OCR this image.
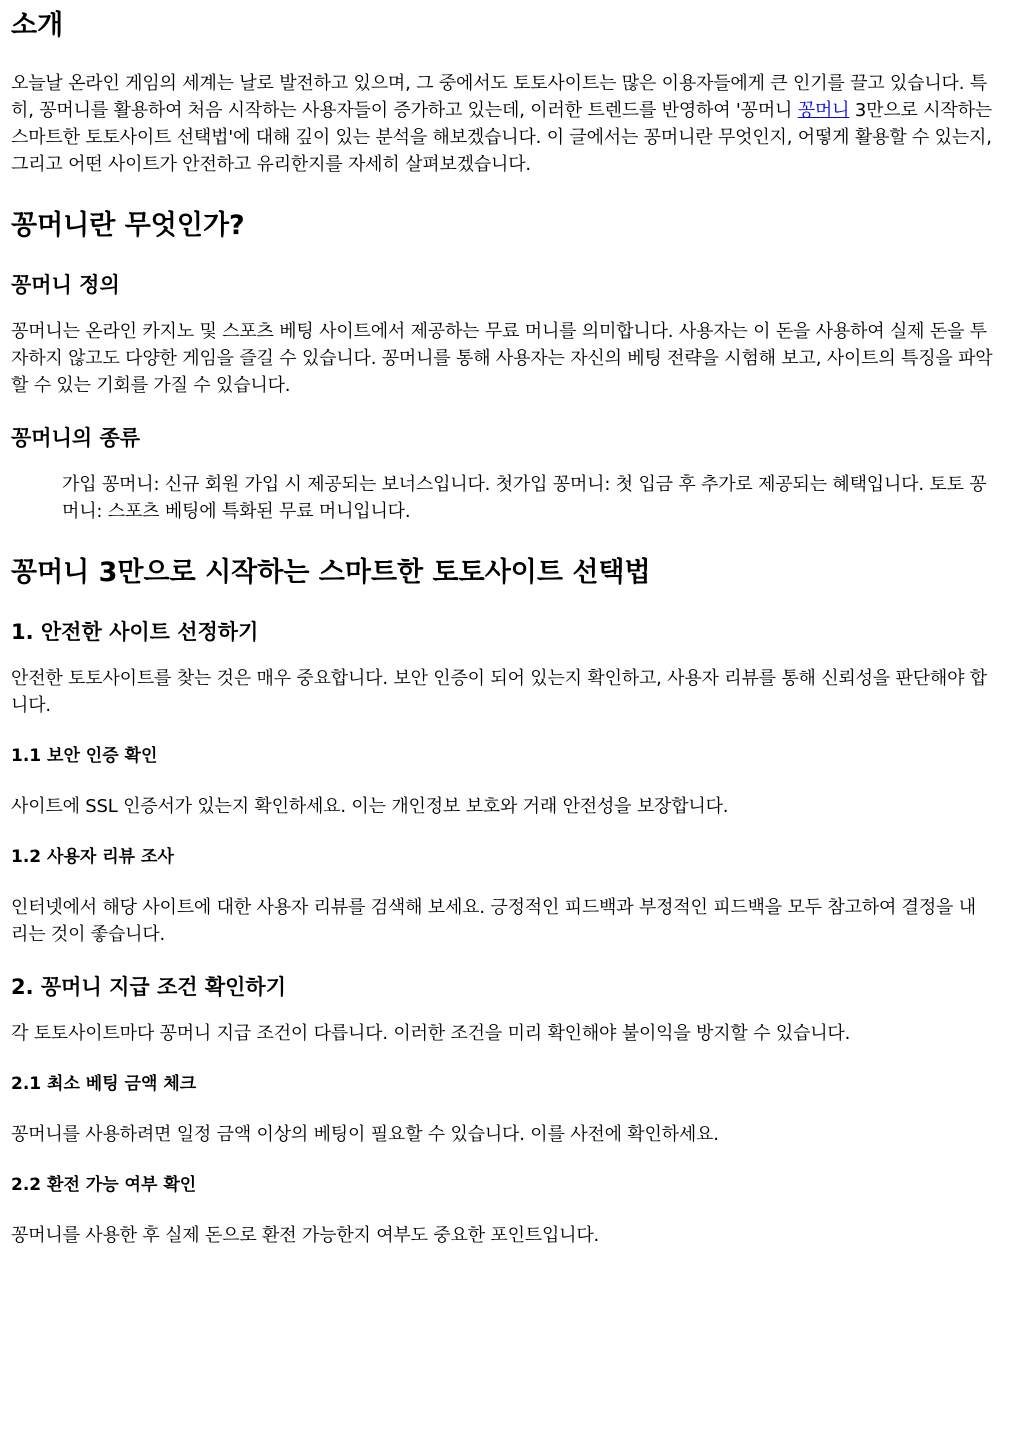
소개

오늘날 온라인 게임의 세계는 날로 발전하고 있으며, 그 중에서도 토토사이트는 많은 이용자들에게 큰 인기를 끌고 있습니다. 특히, 꽁머니를 활용하여 처음 시작하는 사용자들이 증가하고 있는데, 이러한 트렌드를 반영하여 '꽁머니 꽁머니 3만으로 시작하는 스마트한 토토사이트 선택법'에 대해 깊이 있는 분석을 해보겠습니다. 이 글에서는 꽁머니란 무엇인지, 어떻게 활용할 수 있는지, 그리고 어떤 사이트가 안전하고 유리한지를 자세히 살펴보겠습니다.

꽁머니란 무엇인가?
꽁머니 정의

꽁머니는 온라인 카지노 및 스포츠 베팅 사이트에서 제공하는 무료 머니를 의미합니다. 사용자는 이 돈을 사용하여 실제 돈을 투자하지 않고도 다양한 게임을 즐길 수 있습니다. 꽁머니를 통해 사용자는 자신의 베팅 전략을 시험해 보고, 사이트의 특징을 파악할 수 있는 기회를 가질 수 있습니다.

꽁머니의 종류
가입 꽁머니: 신규 회원 가입 시 제공되는 보너스입니다. 첫가입 꽁머니: 첫 입금 후 추가로 제공되는 혜택입니다. 토토 꽁머니: 스포츠 베팅에 특화된 무료 머니입니다.
꽁머니 3만으로 시작하는 스마트한 토토사이트 선택법
1. 안전한 사이트 선정하기

안전한 토토사이트를 찾는 것은 매우 중요합니다. 보안 인증이 되어 있는지 확인하고, 사용자 리뷰를 통해 신뢰성을 판단해야 합니다.

1.1 보안 인증 확인

사이트에 SSL 인증서가 있는지 확인하세요. 이는 개인정보 보호와 거래 안전성을 보장합니다.

1.2 사용자 리뷰 조사

인터넷에서 해당 사이트에 대한 사용자 리뷰를 검색해 보세요. 긍정적인 피드백과 부정적인 피드백을 모두 참고하여 결정을 내리는 것이 좋습니다.

2. 꽁머니 지급 조건 확인하기

각 토토사이트마다 꽁머니 지급 조건이 다릅니다. 이러한 조건을 미리 확인해야 불이익을 방지할 수 있습니다.

2.1 최소 베팅 금액 체크

꽁머니를 사용하려면 일정 금액 이상의 베팅이 필요할 수 있습니다. 이를 사전에 확인하세요.

2.2 환전 가능 여부 확인

꽁머니를 사용한 후 실제 돈으로 환전 가능한지 여부도 중요한 포인트입니다.
